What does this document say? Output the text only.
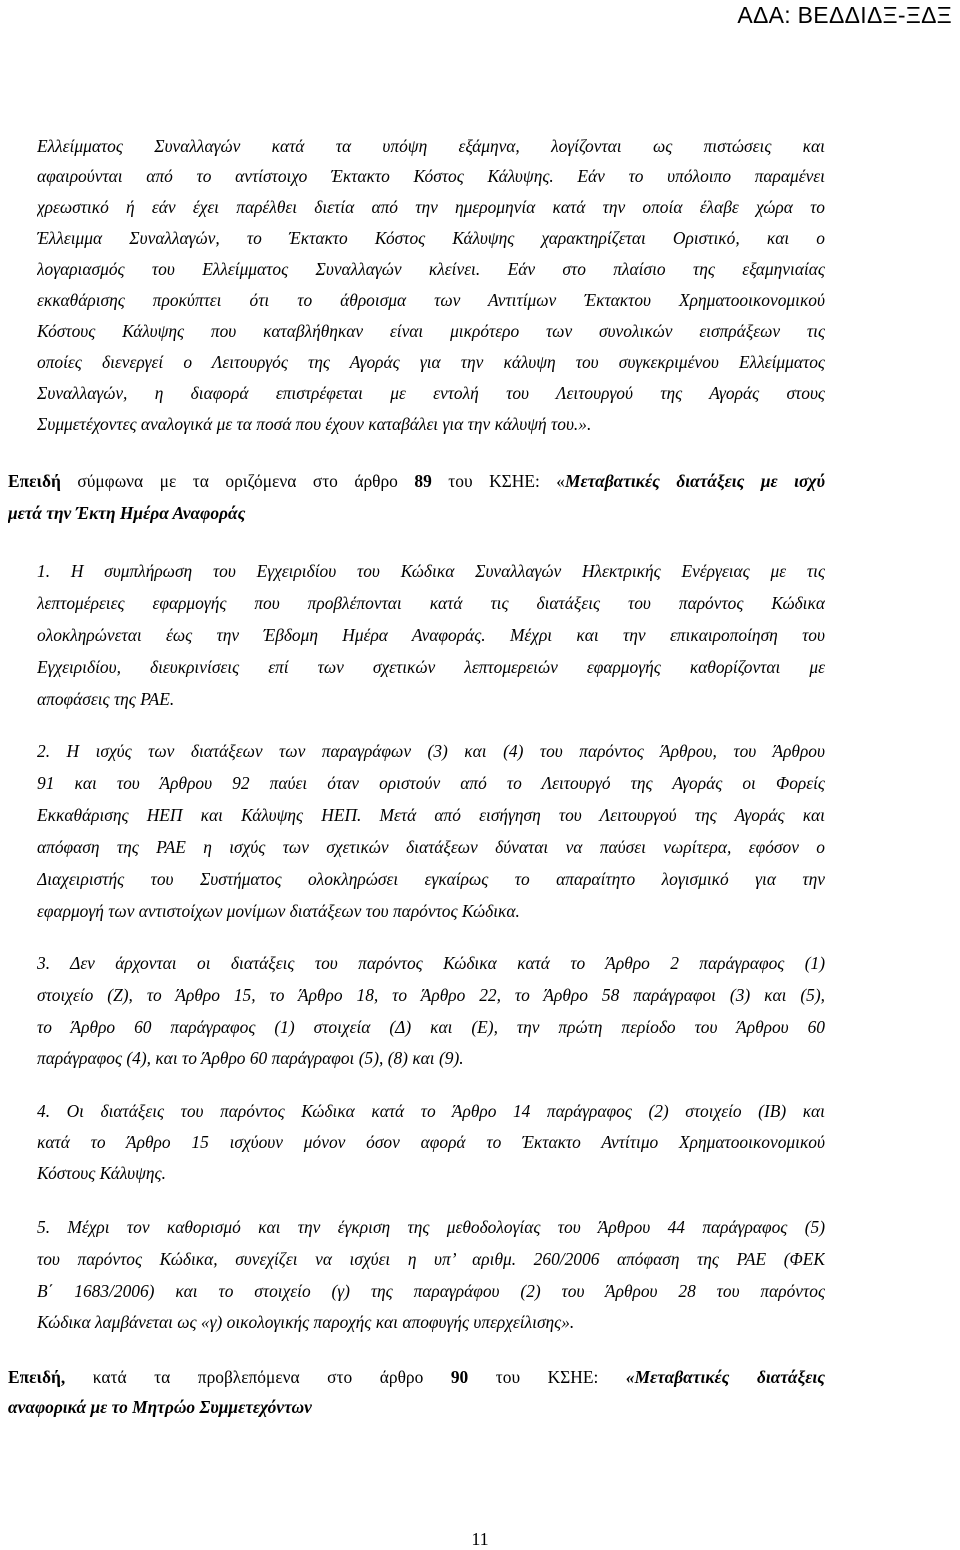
ΑΔΑ: ΒΕΔΔΙΔΞ-ΞΔΞ
Ελλείμματος Συναλλαγών κατά τα υπόψη εξάμηνα, λογίζονται ως πιστώσεις και
αφαιρούνται από το αντίστοιχο Έκτακτο Κόστος Κάλυψης. Εάν το υπόλοιπο παραμένει
χρεωστικό ή εάν έχει παρέλθει διετία από την ημερομηνία κατά την οποία έλαβε χώρα το
Έλλειμμα Συναλλαγών, το Έκτακτο Κόστος Κάλυψης χαρακτηρίζεται Οριστικό, και ο
λογαριασμός του Ελλείμματος Συναλλαγών κλείνει. Εάν στο πλαίσιο της εξαμηνιαίας
εκκαθάρισης προκύπτει ότι το άθροισμα των Αντιτίμων Έκτακτου Χρηματοοικονομικού
Κόστους Κάλυψης που καταβλήθηκαν είναι μικρότερο των συνολικών εισπράξεων τις
οποίες διενεργεί ο Λειτουργός της Αγοράς για την κάλυψη του συγκεκριμένου Ελλείμματος
Συναλλαγών, η διαφορά επιστρέφεται με εντολή του Λειτουργού της Αγοράς στους
Συμμετέχοντες αναλογικά με τα ποσά που έχουν καταβάλει για την κάλυψή του.».
Επειδή σύμφωνα με τα οριζόμενα στο άρθρο 89 του ΚΣΗΕ: «Μεταβατικές διατάξεις με ισχύ
μετά την Έκτη Ημέρα Αναφοράς
1. Η συμπλήρωση του Εγχειριδίου του Κώδικα Συναλλαγών Ηλεκτρικής Ενέργειας με τις
λεπτομέρειες εφαρμογής που προβλέπονται κατά τις διατάξεις του παρόντος Κώδικα
ολοκληρώνεται έως την Έβδομη Ημέρα Αναφοράς. Μέχρι και την επικαιροποίηση του
Εγχειριδίου, διευκρινίσεις επί των σχετικών λεπτομερειών εφαρμογής καθορίζονται με
αποφάσεις της ΡΑΕ.
2. Η ισχύς των διατάξεων των παραγράφων (3) και (4) του παρόντος Άρθρου, του Άρθρου
91 και του Άρθρου 92 παύει όταν οριστούν από το Λειτουργό της Αγοράς οι Φορείς
Εκκαθάρισης ΗΕΠ και Κάλυψης ΗΕΠ. Μετά από εισήγηση του Λειτουργού της Αγοράς και
απόφαση της ΡΑΕ η ισχύς των σχετικών διατάξεων δύναται να παύσει νωρίτερα, εφόσον ο
Διαχειριστής του Συστήματος ολοκληρώσει εγκαίρως το απαραίτητο λογισμικό για την
εφαρμογή των αντιστοίχων μονίμων διατάξεων του παρόντος Κώδικα.
3. Δεν άρχονται οι διατάξεις του παρόντος Κώδικα κατά το Άρθρο 2 παράγραφος (1)
στοιχείο (Ζ), το Άρθρο 15, το Άρθρο 18, το Άρθρο 22, το Άρθρο 58 παράγραφοι (3) και (5),
το Άρθρο 60 παράγραφος (1) στοιχεία (Δ) και (Ε), την πρώτη περίοδο του Άρθρου 60
παράγραφος (4), και το Άρθρο 60 παράγραφοι (5), (8) και (9).
4. Οι διατάξεις του παρόντος Κώδικα κατά το Άρθρο 14 παράγραφος (2) στοιχείο (ΙΒ) και
κατά το Άρθρο 15 ισχύουν μόνον όσον αφορά το Έκτακτο Αντίτιμο Χρηματοοικονομικού
Κόστους Κάλυψης.
5. Μέχρι τον καθορισμό και την έγκριση της μεθοδολογίας του Άρθρου 44 παράγραφος (5)
του παρόντος Κώδικα, συνεχίζει να ισχύει η υπ’ αριθμ. 260/2006 απόφαση της ΡΑΕ (ΦΕΚ
Β΄ 1683/2006) και το στοιχείο (γ) της παραγράφου (2) του Άρθρου 28 του παρόντος
Κώδικα λαμβάνεται ως «γ) οικολογικής παροχής και αποφυγής υπερχείλισης».
Επειδή, κατά τα προβλεπόμενα στο άρθρο 90 του ΚΣΗΕ: «Μεταβατικές διατάξεις
αναφορικά με το Μητρώο Συμμετεχόντων
11
